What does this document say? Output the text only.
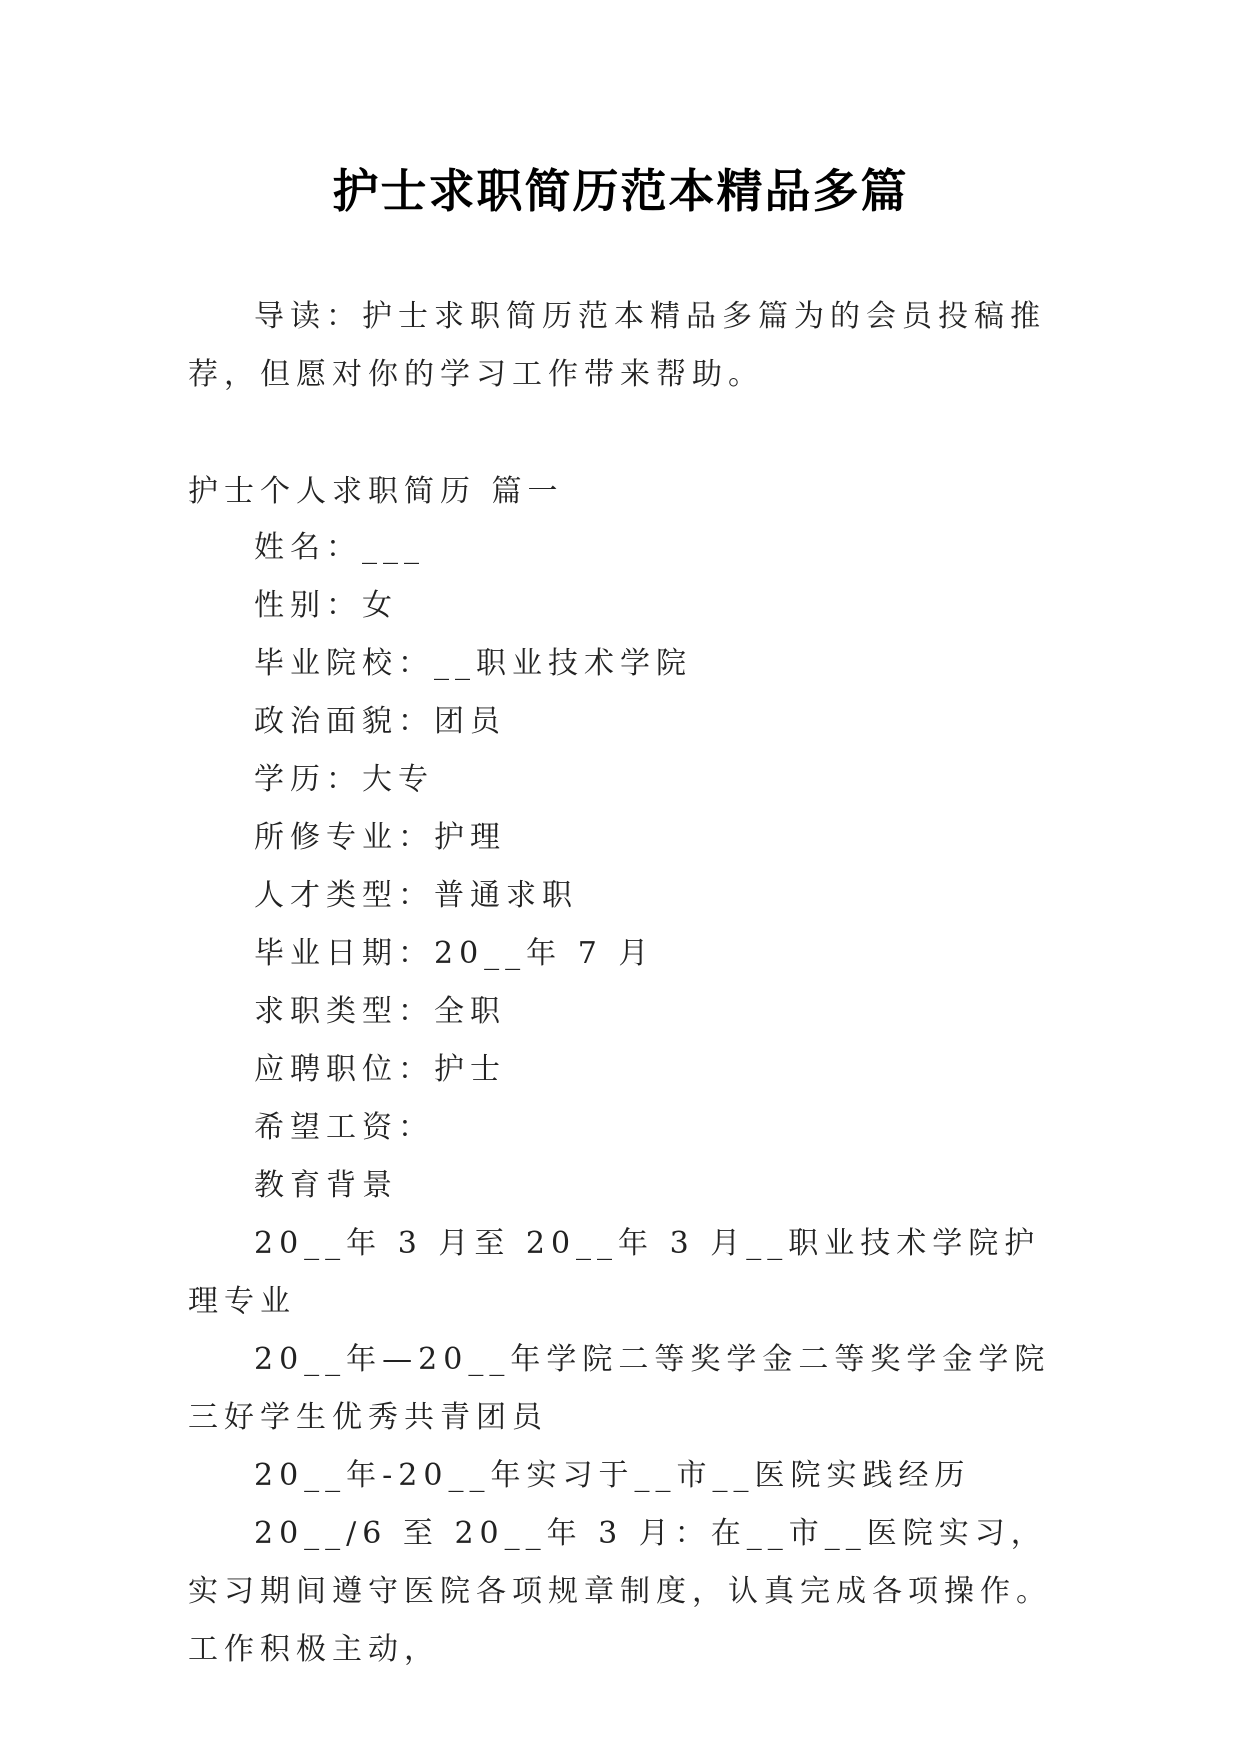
护士求职简历范本精品多篇

导读：护士求职简历范本精品多篇为的会员投稿推荐，但愿对你的学习工作带来帮助。

护士个人求职简历 篇一

姓名：___

性别：女

毕业院校：__职业技术学院

政治面貌：团员

学历：大专

所修专业：护理

人才类型：普通求职

毕业日期：20__年 7 月

求职类型：全职

应聘职位：护士

希望工资：

教育背景

20__年 3 月至 20__年 3 月__职业技术学院护理专业

20__年—20__年学院二等奖学金二等奖学金学院三好学生优秀共青团员

20__年-20__年实习于__市__医院实践经历

20__/6 至 20__年 3 月：在__市__医院实习，实习期间遵守医院各项规章制度，认真完成各项操作。工作积极主动，
